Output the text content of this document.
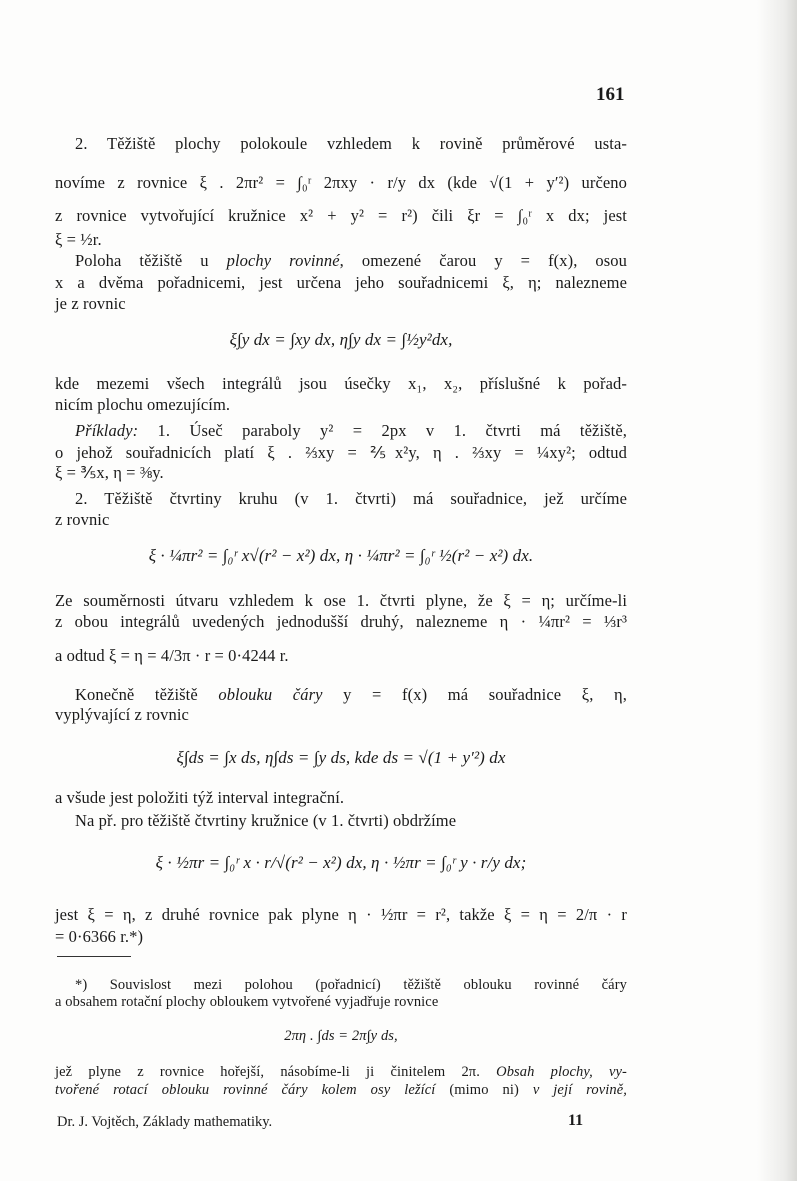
161
2. Těžiště plochy polokoule vzhledem k rovině průměrové usta-
novíme z rovnice ξ . 2πr² = ∫₀ʳ 2πxy · r/y dx (kde √(1 + y′²) určeno
z rovnice vytvořující kružnice x² + y² = r²) čili ξr = ∫₀ʳ x dx; jest
ξ = ½r.
Poloha těžiště u plochy rovinné, omezené čarou y = f(x), osou
x a dvěma pořadnicemi, jest určena jeho souřadnicemi ξ, η; nalezneme
je z rovnic
ξ∫y dx = ∫xy dx, η∫y dx = ∫½y²dx,
kde mezemi všech integrálů jsou úsečky x₁, x₂, příslušné k pořad-
nicím plochu omezujícím.
Příklady: 1. Úseč paraboly y² = 2px v 1. čtvrti má těžiště,
o jehož souřadnicích platí ξ . ⅔xy = ⅖x²y, η . ⅔xy = ¼xy²; odtud
ξ = ⅗x, η = ⅜y.
2. Těžiště čtvrtiny kruhu (v 1. čtvrti) má souřadnice, jež určíme
z rovnic
ξ · ¼πr² = ∫₀ʳ x√(r² − x²) dx, η · ¼πr² = ∫₀ʳ ½(r² − x²) dx.
Ze souměrnosti útvaru vzhledem k ose 1. čtvrti plyne, že ξ = η; určíme-li
z obou integrálů uvedených jednodušší druhý, nalezneme η · ¼πr² = ⅓r³
a odtud ξ = η = 4/3π · r = 0·4244 r.
Konečně těžiště oblouku čáry y = f(x) má souřadnice ξ, η,
vyplývající z rovnic
ξ∫ds = ∫x ds, η∫ds = ∫y ds, kde ds = √(1 + y′²) dx
a všude jest položiti týž interval integrační.
Na př. pro těžiště čtvrtiny kružnice (v 1. čtvrti) obdržíme
ξ · ½πr = ∫₀ʳ x · r/√(r² − x²) dx, η · ½πr = ∫₀ʳ y · r/y dx;
jest ξ = η, z druhé rovnice pak plyne η · ½πr = r², takže ξ = η = 2/π · r
= 0·6366 r.*)
*) Souvislost mezi polohou (pořadnicí) těžiště oblouku rovinné čáry
a obsahem rotační plochy obloukem vytvořené vyjadřuje rovnice
2πη . ∫ds = 2π∫y ds,
jež plyne z rovnice hořejší, násobíme-li ji činitelem 2π. Obsah plochy, vy-
tvořené rotací oblouku rovinné čáry kolem osy ležící (mimo ni) v její rovině,
Dr. J. Vojtěch, Základy mathematiky.	11
